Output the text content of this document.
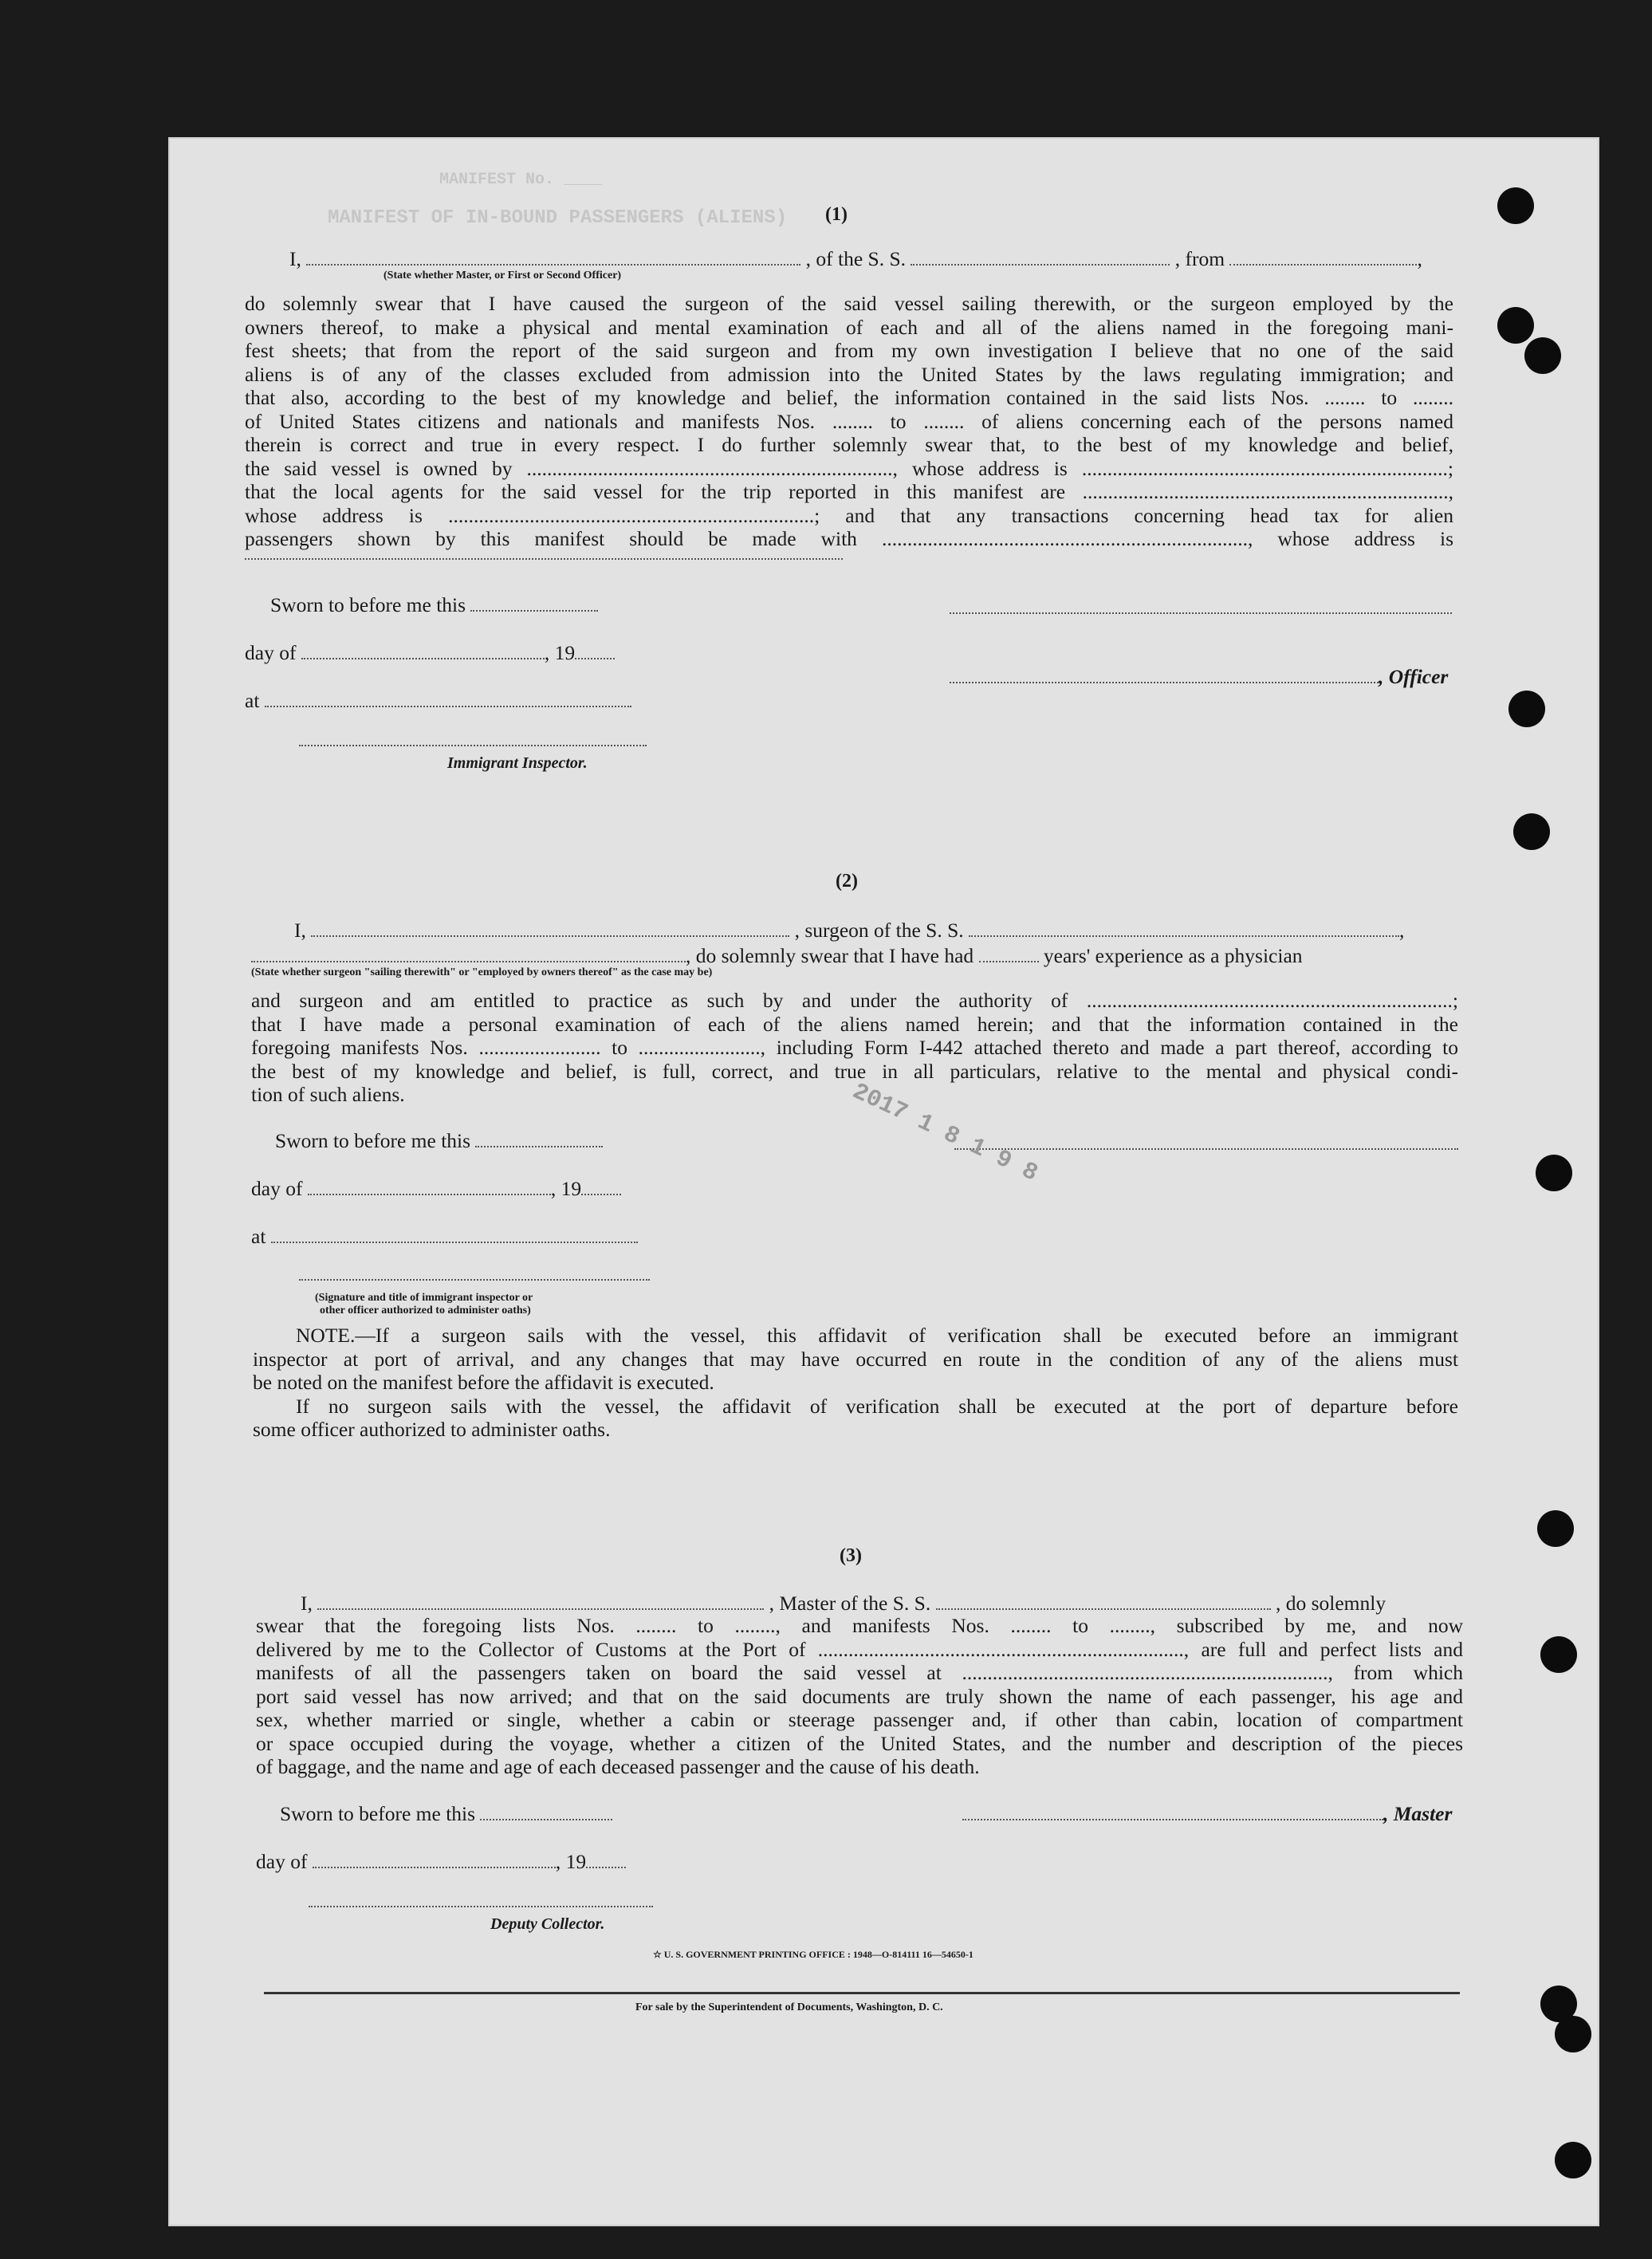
MANIFEST No. ____
MANIFEST OF IN-BOUND PASSENGERS (ALIENS) (1)
I,	, of the S. S.	, from	,
(State whether Master, or First or Second Officer)
do solemnly swear that I have caused the surgeon of the said vessel sailing therewith, or the surgeon employed by the
owners thereof, to make a physical and mental examination of each and all of the aliens named in the foregoing mani-
fest sheets; that from the report of the said surgeon and from my own investigation I believe that no one of the said
aliens is of any of the classes excluded from admission into the United States by the laws regulating immigration; and
that also, according to the best of my knowledge and belief, the information contained in the said lists Nos. ........ to ........
of United States citizens and nationals and manifests Nos. ........ to ........ of aliens concerning each of the persons named
therein is correct and true in every respect. I do further solemnly swear that, to the best of my knowledge and belief,
the said vessel is owned by ........................................................................, whose address is ........................................................................;
that the local agents for the said vessel for the trip reported in this manifest are ........................................................................,
whose address is ........................................................................; and that any transactions concerning head tax for alien
passengers shown by this manifest should be made with ........................................................................, whose address is
Sworn to before me this
day of	, 19
at
Immigrant Inspector.
, Officer
(2)
I,	, surgeon of the S. S.	,
, do solemnly swear that I have had	years' experience as a physician
(State whether surgeon "sailing therewith" or "employed by owners thereof" as the case may be)
and surgeon and am entitled to practice as such by and under the authority of ........................................................................;
that I have made a personal examination of each of the aliens named herein; and that the information contained in the
foregoing manifests Nos. ........................ to ........................, including Form I-442 attached thereto and made a part thereof, according to
the best of my knowledge and belief, is full, correct, and true in all particulars, relative to the mental and physical condi-
tion of such aliens.
Sworn to before me this
day of	, 19
at
(Signature and title of immigrant inspector or
other officer authorized to administer oaths)
2017 1 8 1 9 8
NOTE.—If a surgeon sails with the vessel, this affidavit of verification shall be executed before an immigrant
inspector at port of arrival, and any changes that may have occurred en route in the condition of any of the aliens must
be noted on the manifest before the affidavit is executed.
If no surgeon sails with the vessel, the affidavit of verification shall be executed at the port of departure before
some officer authorized to administer oaths.
(3)
I,	, Master of the S. S.	, do solemnly
swear that the foregoing lists Nos. ........ to ........, and manifests Nos. ........ to ........, subscribed by me, and now
delivered by me to the Collector of Customs at the Port of ........................................................................, are full and perfect lists and
manifests of all the passengers taken on board the said vessel at ........................................................................, from which
port said vessel has now arrived; and that on the said documents are truly shown the name of each passenger, his age and
sex, whether married or single, whether a cabin or steerage passenger and, if other than cabin, location of compartment
or space occupied during the voyage, whether a citizen of the United States, and the number and description of the pieces
of baggage, and the name and age of each deceased passenger and the cause of his death.
Sworn to before me this	, Master
day of	, 19
Deputy Collector.
☆ U. S. GOVERNMENT PRINTING OFFICE : 1948—O-814111 16—54650-1
For sale by the Superintendent of Documents, Washington, D. C.
